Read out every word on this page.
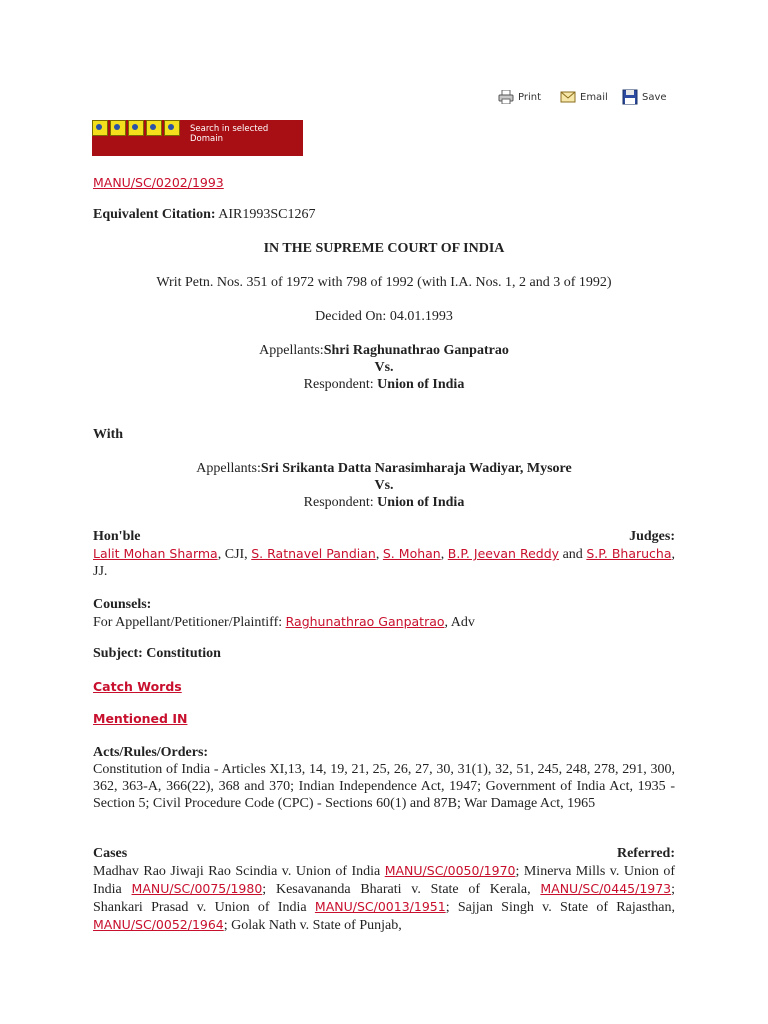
Print	Email	Save
Search in selected Domain
MANU/SC/0202/1993
Equivalent Citation: AIR1993SC1267
IN THE SUPREME COURT OF INDIA
Writ Petn. Nos. 351 of 1972 with 798 of 1992 (with I.A. Nos. 1, 2 and 3 of 1992)
Decided On: 04.01.1993
Appellants:Shri Raghunathrao Ganpatrao
Vs.
Respondent: Union of India
With
Appellants:Sri Srikanta Datta Narasimharaja Wadiyar, Mysore
Vs.
Respondent: Union of India
Hon'ble	Judges:
Lalit Mohan Sharma, CJI, S. Ratnavel Pandian, S. Mohan, B.P. Jeevan Reddy and S.P. Bharucha, JJ.
Counsels:
For Appellant/Petitioner/Plaintiff: Raghunathrao Ganpatrao, Adv
Subject: Constitution
Catch Words
Mentioned IN
Acts/Rules/Orders:
Constitution of India - Articles XI,13, 14, 19, 21, 25, 26, 27, 30, 31(1), 32, 51, 245, 248, 278, 291, 300, 362, 363-A, 366(22), 368 and 370; Indian Independence Act, 1947; Government of India Act, 1935 - Section 5; Civil Procedure Code (CPC) - Sections 60(1) and 87B; War Damage Act, 1965
Cases	Referred:
Madhav Rao Jiwaji Rao Scindia v. Union of India MANU/SC/0050/1970; Minerva Mills v. Union of India MANU/SC/0075/1980; Kesavananda Bharati v. State of Kerala, MANU/SC/0445/1973; Shankari Prasad v. Union of India MANU/SC/0013/1951; Sajjan Singh v. State of Rajasthan, MANU/SC/0052/1964; Golak Nath v. State of Punjab,
